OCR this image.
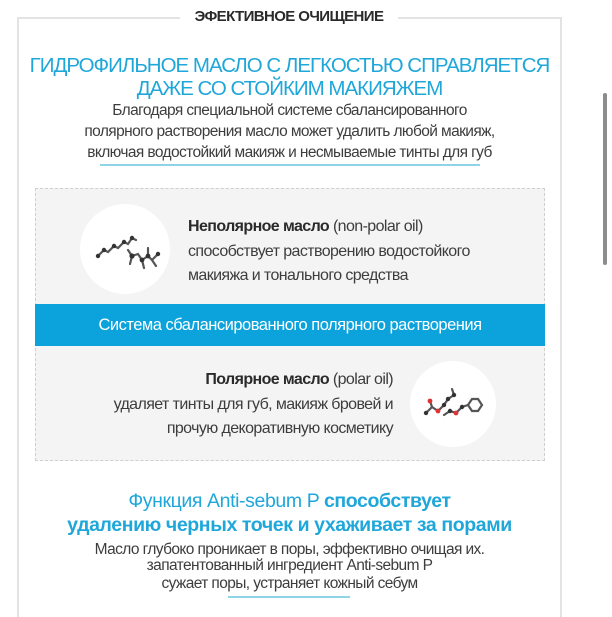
ЭФЕКТИВНОЕ ОЧИЩЕНИЕ
ГИДРОФИЛЬНОЕ МАСЛО С ЛЕГКОСТЬЮ СПРАВЛЯЕТСЯ
ДАЖЕ СО СТОЙКИМ МАКИЯЖЕМ
Благодаря специальной системе сбалансированного
полярного растворения масло может удалить любой макияж,
включая водостойкий макияж и несмываемые тинты для губ
Неполярное масло (non-polar oil)
способствует растворению водостойкого
макияжа и тонального средства
Система сбалансированного полярного растворения
Полярное масло (polar oil)
удаляет тинты для губ, макияж бровей и
прочую декоративную косметику
Функция Anti-sebum P способствует
удалению черных точек и ухаживает за порами
Масло глубоко проникает в поры, эффективно очищая их.
запатентованный ингредиент Anti-sebum P
сужает поры, устраняет кожный себум
